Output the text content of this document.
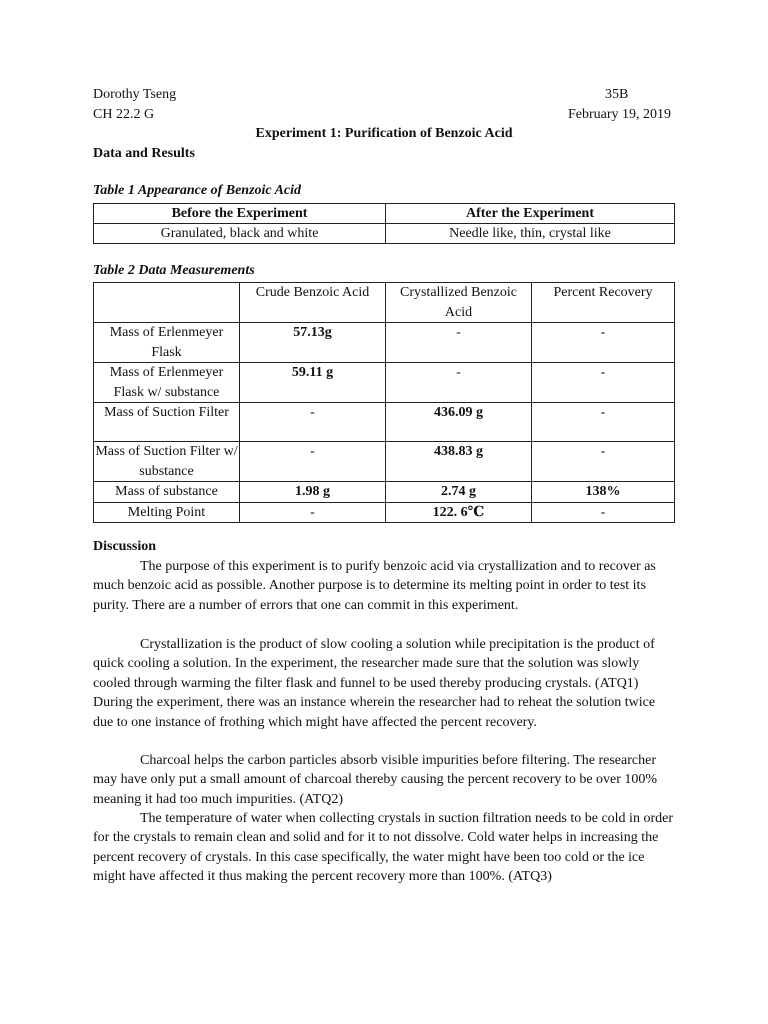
Dorothy Tseng	35B
CH 22.2 G	February 19, 2019
Experiment 1: Purification of Benzoic Acid
Data and Results
Table 1 Appearance of Benzoic Acid
Before the Experiment	After the Experiment
Granulated, black and white	Needle like, thin, crystal like
Table 2 Data Measurements
	Crude Benzoic Acid	Crystallized Benzoic Acid	Percent Recovery
Mass of Erlenmeyer Flask	57.13g	-	-
Mass of Erlenmeyer Flask w/ substance	59.11 g	-	-
Mass of Suction Filter	-	436.09 g	-
Mass of Suction Filter w/ substance	-	438.83 g	-
Mass of substance	1.98 g	2.74 g	138%
Melting Point	-	122. 6℃	-
Discussion
The purpose of this experiment is to purify benzoic acid via crystallization and to recover as much benzoic acid as possible. Another purpose is to determine its melting point in order to test its purity. There are a number of errors that one can commit in this experiment.
Crystallization is the product of slow cooling a solution while precipitation is the product of quick cooling a solution. In the experiment, the researcher made sure that the solution was slowly cooled through warming the filter flask and funnel to be used thereby producing crystals. (ATQ1) During the experiment, there was an instance wherein the researcher had to reheat the solution twice due to one instance of frothing which might have affected the percent recovery.
Charcoal helps the carbon particles absorb visible impurities before filtering. The researcher may have only put a small amount of charcoal thereby causing the percent recovery to be over 100% meaning it had too much impurities. (ATQ2)
The temperature of water when collecting crystals in suction filtration needs to be cold in order for the crystals to remain clean and solid and for it to not dissolve. Cold water helps in increasing the percent recovery of crystals. In this case specifically, the water might have been too cold or the ice might have affected it thus making the percent recovery more than 100%. (ATQ3)
